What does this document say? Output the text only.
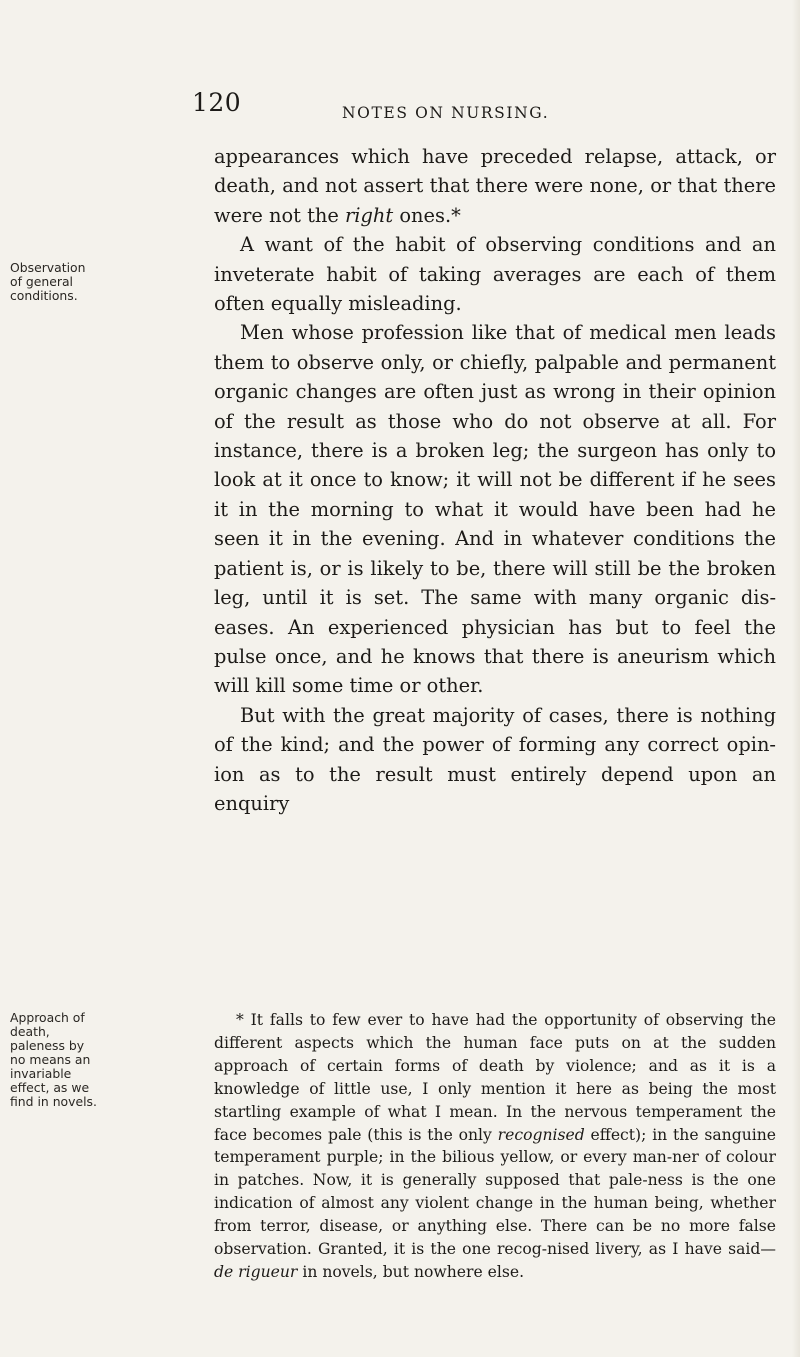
120	NOTES ON NURSING.
Observation of general conditions.
Approach of death, paleness by no means an invariable effect, as we find in novels.

appearances which have preceded relapse, attack, or death, and not assert that there were none, or that there were not the right ones.*

A want of the habit of observing conditions and an inveterate habit of taking averages are each of them often equally misleading.

Men whose profession like that of medical men leads them to observe only, or chiefly, palpable and permanent organic changes are often just as wrong in their opinion of the result as those who do not observe at all. For instance, there is a broken leg; the surgeon has only to look at it once to know; it will not be different if he sees it in the morning to what it would have been had he seen it in the evening. And in whatever conditions the patient is, or is likely to be, there will still be the broken leg, until it is set. The same with many organic dis-eases. An experienced physician has but to feel the pulse once, and he knows that there is aneurism which will kill some time or other.

But with the great majority of cases, there is nothing of the kind; and the power of forming any correct opin-ion as to the result must entirely depend upon an enquiry

* It falls to few ever to have had the opportunity of observing the different aspects which the human face puts on at the sudden approach of certain forms of death by violence; and as it is a knowledge of little use, I only mention it here as being the most startling example of what I mean. In the nervous temperament the face becomes pale (this is the only recognised effect); in the sanguine temperament purple; in the bilious yellow, or every man-ner of colour in patches. Now, it is generally supposed that pale-ness is the one indication of almost any violent change in the human being, whether from terror, disease, or anything else. There can be no more false observation. Granted, it is the one recog-nised livery, as I have said—de rigueur in novels, but nowhere else.
